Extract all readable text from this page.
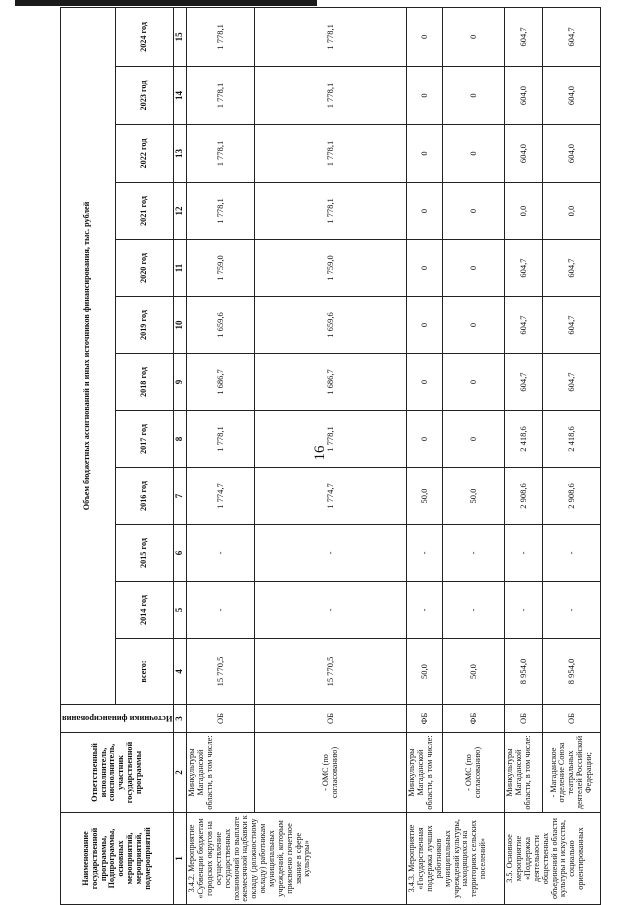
16
Наименование государственной программы, Подпрограммы, основных мероприятий, мероприятий, подмероприятий	Ответственный исполнитель, соисполнитель, участник государственной программы	Источники финансирования	Объем бюджетных ассигнований и иных источников финансирования, тыс. рублей											
			всего:	2014 год	2015 год	2016 год	2017 год	2018 год	2019 год	2020 год	2021 год	2022 год	2023 год	2024 год
1	2	3	4	5	6	7	8	9	10	11	12	13	14	15
3.4.2. Мероприятие «Субвенции бюджетам городских округов на осуществление государственных полномочий по выплате ежемесячной надбавки к окладу (должностному окладу) работникам муниципальных учреждений, которым присвоено почетное звание в сфере культуры»	Минкультуры Магаданской области, в том числе:	ОБ	15 770,5	-	-	1 774,7	1 778,1	1 686,7	1 659,6	1 759,0	1 778,1	1 778,1	1 778,1	1 778,1
	- ОМС (по согласованию)	ОБ	15 770,5	-	-	1 774,7	1 778,1	1 686,7	1 659,6	1 759,0	1 778,1	1 778,1	1 778,1	1 778,1
3.4.3. Мероприятие «Государственная поддержка лучших работников муниципальных учреждений культуры, находящихся на территориях сельских поселений»	Минкультуры Магаданской области, в том числе:	ФБ	50,0	-	-	50,0	0	0	0	0	0	0	0	0
	- ОМС (по согласованию)	ФБ	50,0	-	-	50,0	0	0	0	0	0	0	0	0
3.5. Основное мероприятие «Поддержка деятельности общественных объединений в области культуры и искусства, социально ориентированных	Минкультуры Магаданской области, в том числе:	ОБ	8 954,0	-	-	2 908,6	2 418,6	604,7	604,7	604,7	0,0	604,0	604,0	604,7
	- Магаданское отделение Союза театральных деятелей Российской Федерации;	ОБ	8 954,0	-	-	2 908,6	2 418,6	604,7	604,7	604,7	0,0	604,0	604,0	604,7
